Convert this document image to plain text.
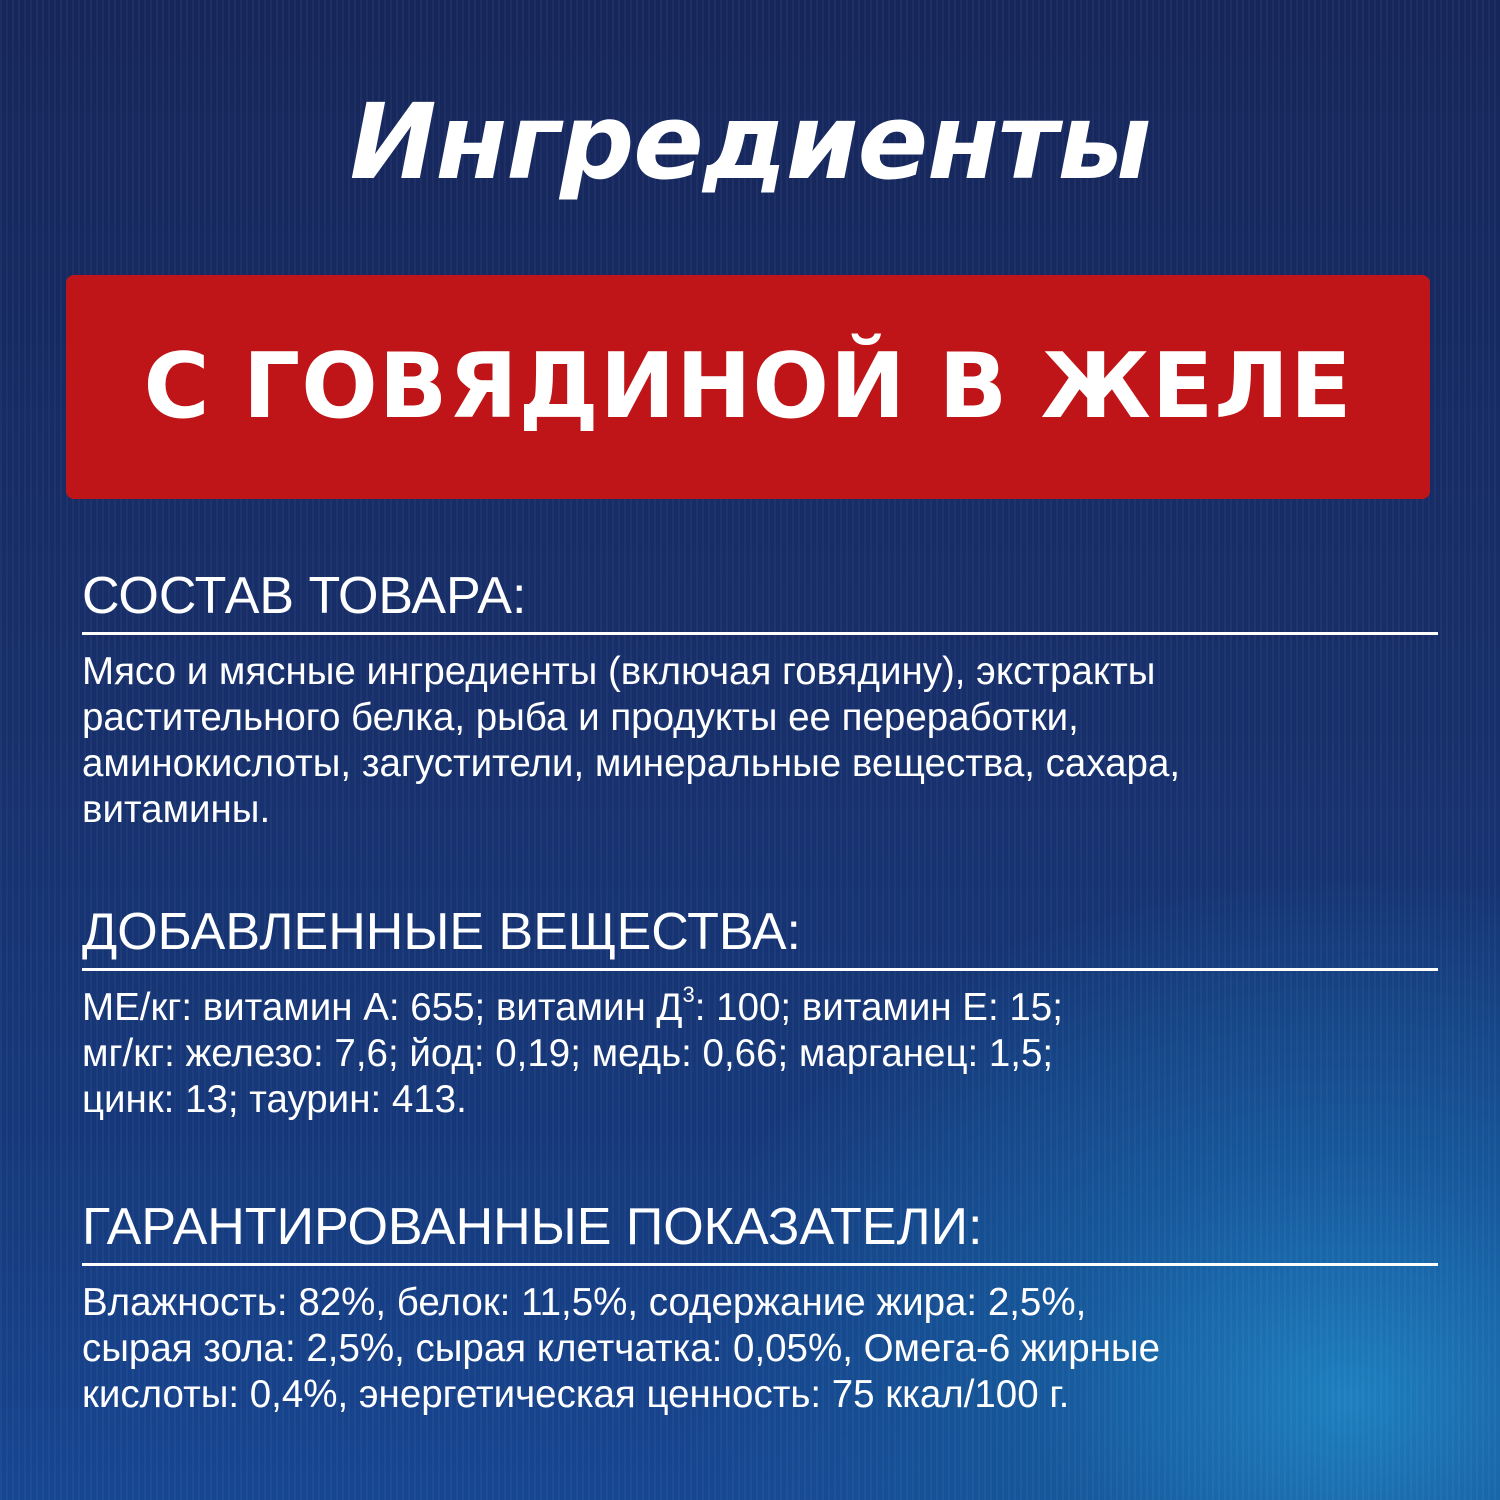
Ингредиенты
С ГОВЯДИНОЙ В ЖЕЛЕ
СОСТАВ ТОВАРА:
Мясо и мясные ингредиенты (включая говядину), экстракты
растительного белка, рыба и продукты ее переработки,
аминокислоты, загустители, минеральные вещества, сахара,
витамины.
ДОБАВЛЕННЫЕ ВЕЩЕСТВА:
МЕ/кг: витамин А: 655; витамин $Д^3$: 100; витамин Е: 15;
мг/кг: железо: 7,6; йод: 0,19; медь: 0,66; марганец: 1,5;
цинк: 13; таурин: 413.
ГАРАНТИРОВАННЫЕ ПОКАЗАТЕЛИ:
Влажность: 82%, белок: 11,5%, содержание жира: 2,5%,
сырая зола: 2,5%, сырая клетчатка: 0,05%, Омега-6 жирные
кислоты: 0,4%, энергетическая ценность: 75 ккал/100 г.
